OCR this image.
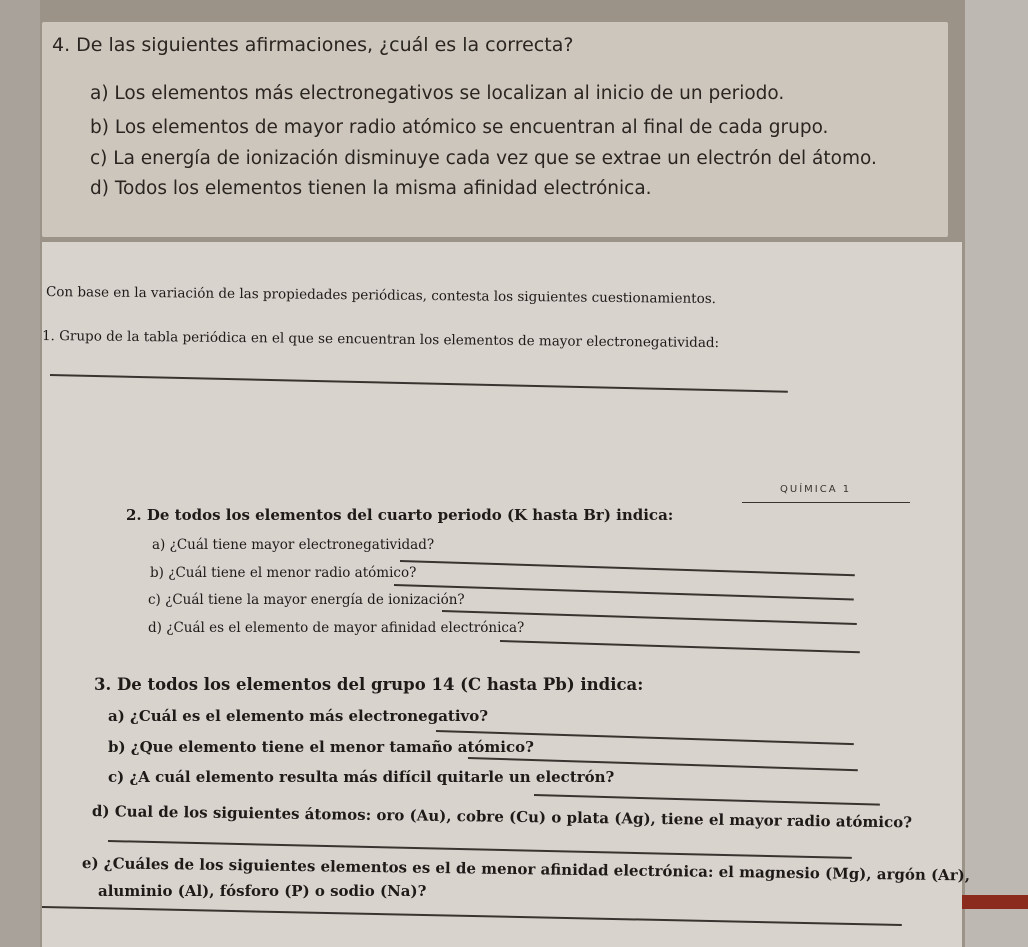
4. De las siguientes afirmaciones, ¿cuál es la correcta?
a) Los elementos más electronegativos se localizan al inicio de un periodo.
b) Los elementos de mayor radio atómico se encuentran al final de cada grupo.
c) La energía de ionización disminuye cada vez que se extrae un electrón del átomo.
d) Todos los elementos tienen la misma afinidad electrónica.
Con base en la variación de las propiedades periódicas, contesta los siguientes cuestionamientos.
1. Grupo de la tabla periódica en el que se encuentran los elementos de mayor electronegatividad:
QUÍMICA 1
2. De todos los elementos del cuarto periodo (K hasta Br) indica:
a) ¿Cuál tiene mayor electronegatividad?
b) ¿Cuál tiene el menor radio atómico?
c) ¿Cuál tiene la mayor energía de ionización?
d) ¿Cuál es el elemento de mayor afinidad electrónica?
3. De todos los elementos del grupo 14 (C hasta Pb) indica:
a) ¿Cuál es el elemento más electronegativo?
b) ¿Que elemento tiene el menor tamaño atómico?
c) ¿A cuál elemento resulta más difícil quitarle un electrón?
d) Cual de los siguientes átomos: oro (Au), cobre (Cu) o plata (Ag), tiene el mayor radio atómico?
e) ¿Cuáles de los siguientes elementos es el de menor afinidad electrónica: el magnesio (Mg), argón (Ar),
aluminio (Al), fósforo (P) o sodio (Na)?
